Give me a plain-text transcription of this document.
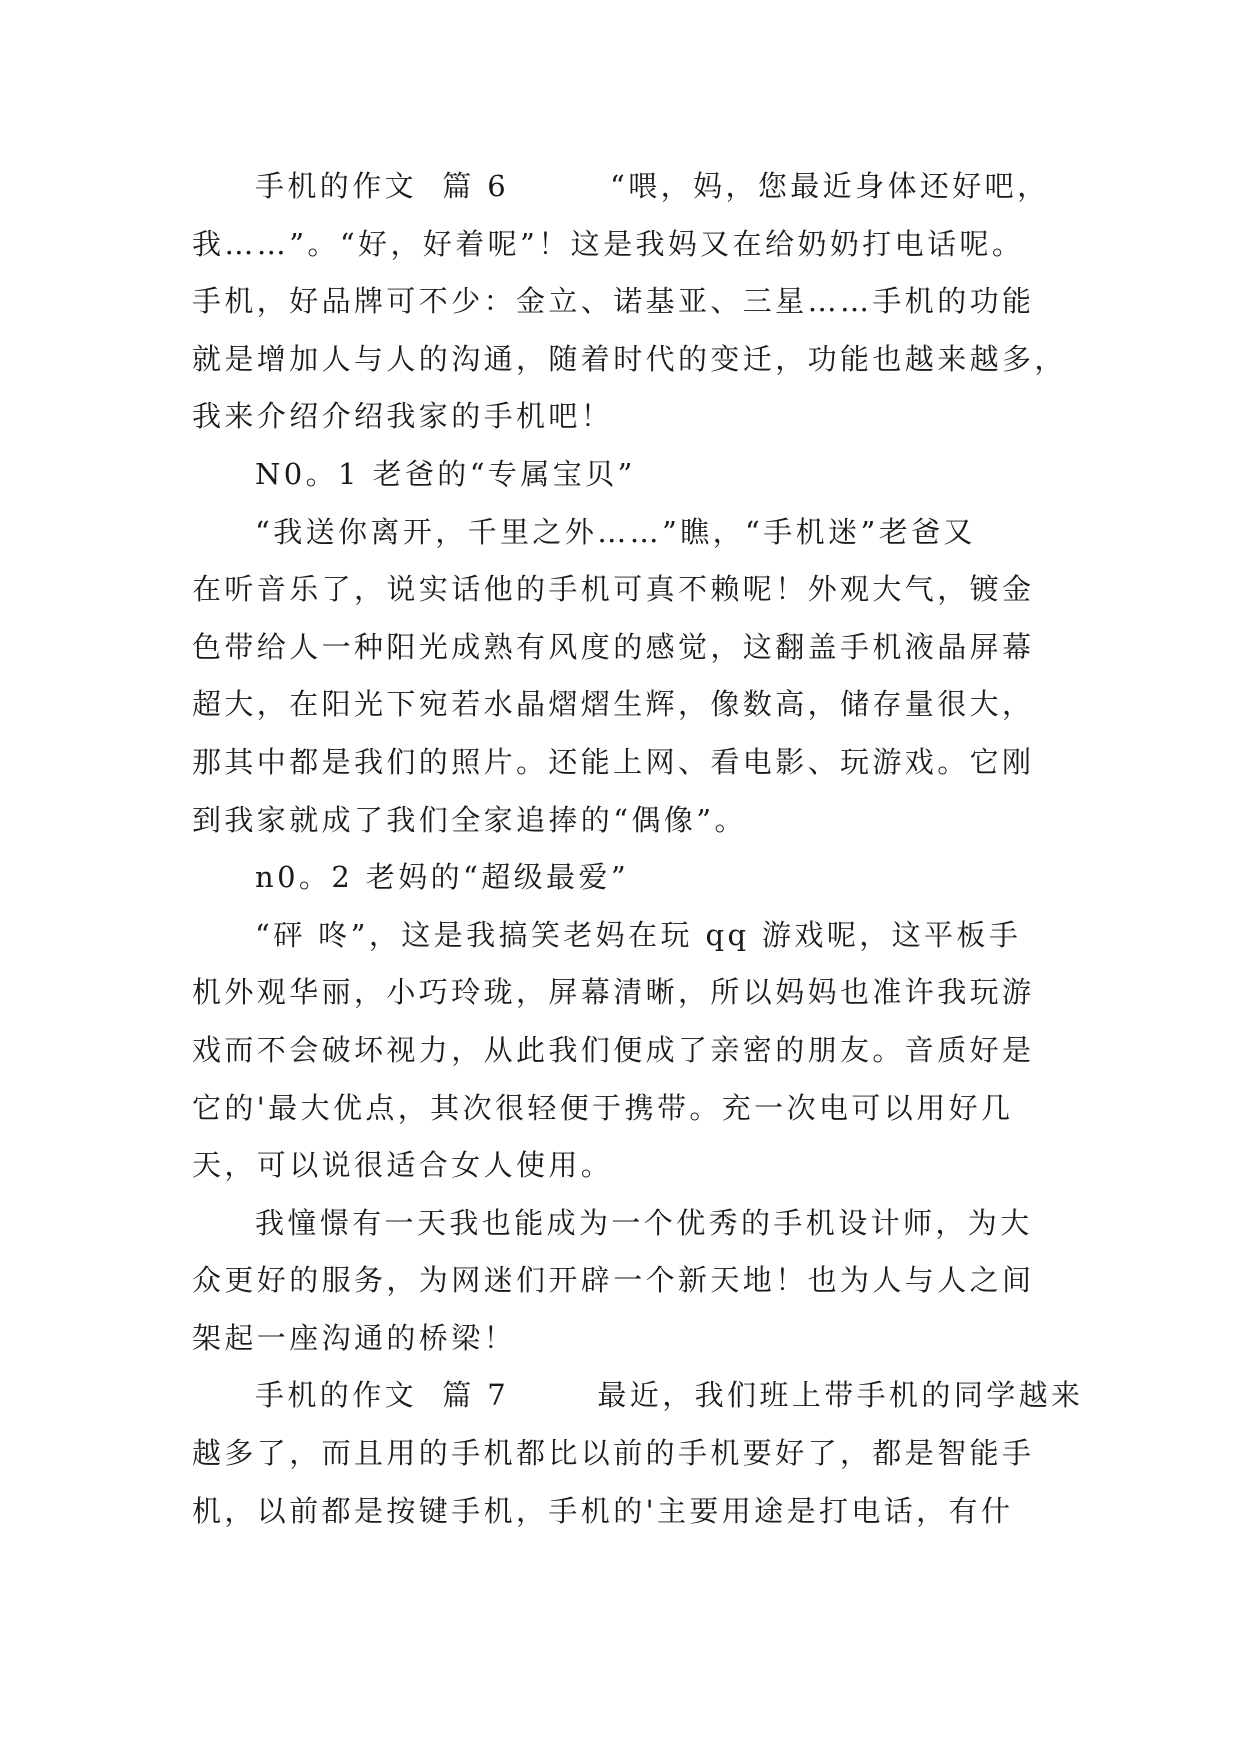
手机的作文  篇 6        “喂，妈，您最近身体还好吧，
我……”。“好，好着呢”！这是我妈又在给奶奶打电话呢。
手机，好品牌可不少：金立、诺基亚、三星……手机的功能
就是增加人与人的沟通，随着时代的变迁，功能也越来越多，
我来介绍介绍我家的手机吧！
N0。1 老爸的“专属宝贝”
“我送你离开，千里之外……”瞧，“手机迷”老爸又
在听音乐了，说实话他的手机可真不赖呢！外观大气，镀金
色带给人一种阳光成熟有风度的感觉，这翻盖手机液晶屏幕
超大，在阳光下宛若水晶熠熠生辉，像数高，储存量很大，
那其中都是我们的照片。还能上网、看电影、玩游戏。它刚
到我家就成了我们全家追捧的“偶像”。
n0。2 老妈的“超级最爱”
“砰 咚”，这是我搞笑老妈在玩 qq 游戏呢，这平板手
机外观华丽，小巧玲珑，屏幕清晰，所以妈妈也准许我玩游
戏而不会破坏视力，从此我们便成了亲密的朋友。音质好是
它的'最大优点，其次很轻便于携带。充一次电可以用好几
天，可以说很适合女人使用。
我憧憬有一天我也能成为一个优秀的手机设计师，为大
众更好的服务，为网迷们开辟一个新天地！也为人与人之间
架起一座沟通的桥梁！
手机的作文  篇 7       最近，我们班上带手机的同学越来
越多了，而且用的手机都比以前的手机要好了，都是智能手
机，以前都是按键手机，手机的'主要用途是打电话，有什
